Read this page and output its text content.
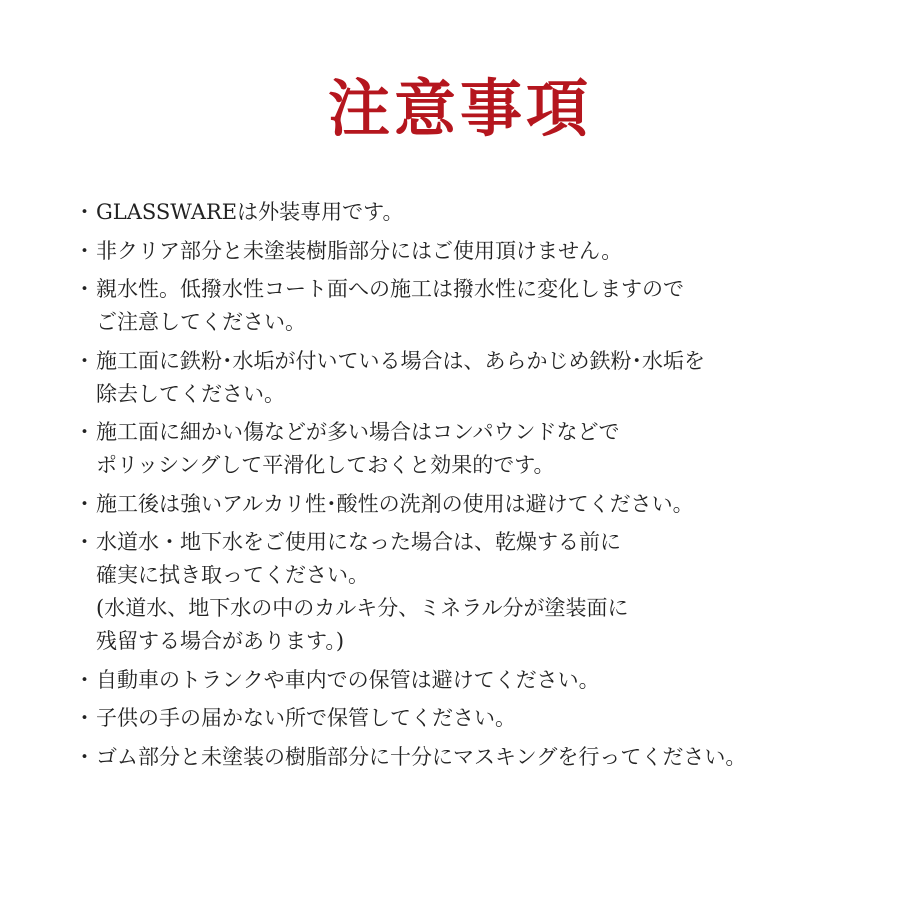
注意事項
・ GLASSWAREは外装専用です。
・ 非クリア部分と未塗装樹脂部分にはご使用頂けません。
・ 親水性。低撥水性コート面への施工は撥水性に変化しますので
ご注意してください。
・ 施工面に鉄粉･水垢が付いている場合は、あらかじめ鉄粉･水垢を
除去してください。
・ 施工面に細かい傷などが多い場合はコンパウンドなどで
ポリッシングして平滑化しておくと効果的です。
・ 施工後は強いアルカリ性･酸性の洗剤の使用は避けてください。
・ 水道水・地下水をご使用になった場合は、乾燥する前に
確実に拭き取ってください。
(水道水、地下水の中のカルキ分、ミネラル分が塗装面に
残留する場合があります。)
・ 自動車のトランクや車内での保管は避けてください。
・ 子供の手の届かない所で保管してください。
・ ゴム部分と未塗装の樹脂部分に十分にマスキングを行ってください。
